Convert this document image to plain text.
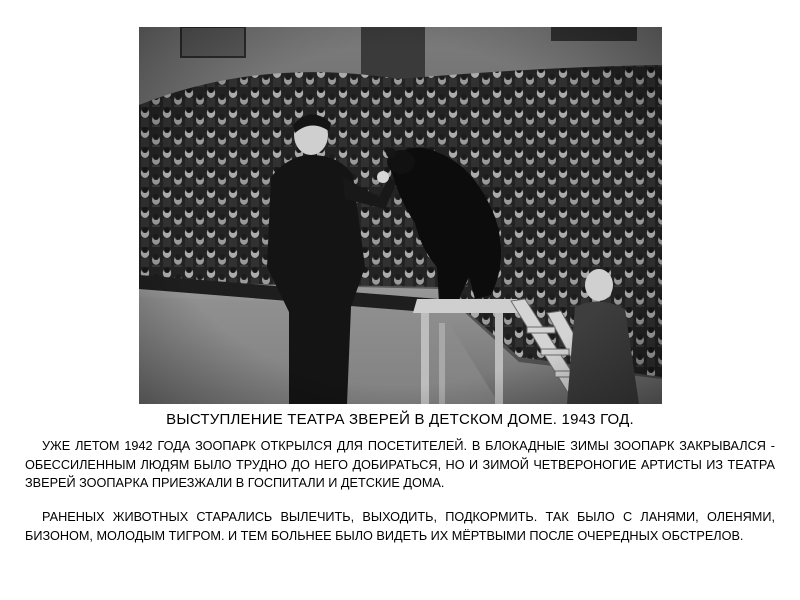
ВЫСТУПЛЕНИЕ ТЕАТРА ЗВЕРЕЙ В ДЕТСКОМ ДОМЕ. 1943 ГОД.

УЖЕ ЛЕТОМ 1942 ГОДА ЗООПАРК ОТКРЫЛСЯ ДЛЯ ПОСЕТИТЕЛЕЙ. В БЛОКАДНЫЕ ЗИМЫ ЗООПАРК ЗАКРЫВАЛСЯ - ОБЕССИЛЕННЫМ ЛЮДЯМ БЫЛО ТРУДНО ДО НЕГО ДОБИРАТЬСЯ, НО И ЗИМОЙ ЧЕТВЕРОНОГИЕ АРТИСТЫ ИЗ ТЕАТРА ЗВЕРЕЙ ЗООПАРКА ПРИЕЗЖАЛИ В ГОСПИТАЛИ И ДЕТСКИЕ ДОМА.

РАНЕНЫХ ЖИВОТНЫХ СТАРАЛИСЬ ВЫЛЕЧИТЬ, ВЫХОДИТЬ, ПОДКОРМИТЬ. ТАК БЫЛО С ЛАНЯМИ, ОЛЕНЯМИ, БИЗОНОМ, МОЛОДЫМ ТИГРОМ. И ТЕМ БОЛЬНЕЕ БЫЛО ВИДЕТЬ ИХ МЁРТВЫМИ ПОСЛЕ ОЧЕРЕДНЫХ ОБСТРЕЛОВ.
